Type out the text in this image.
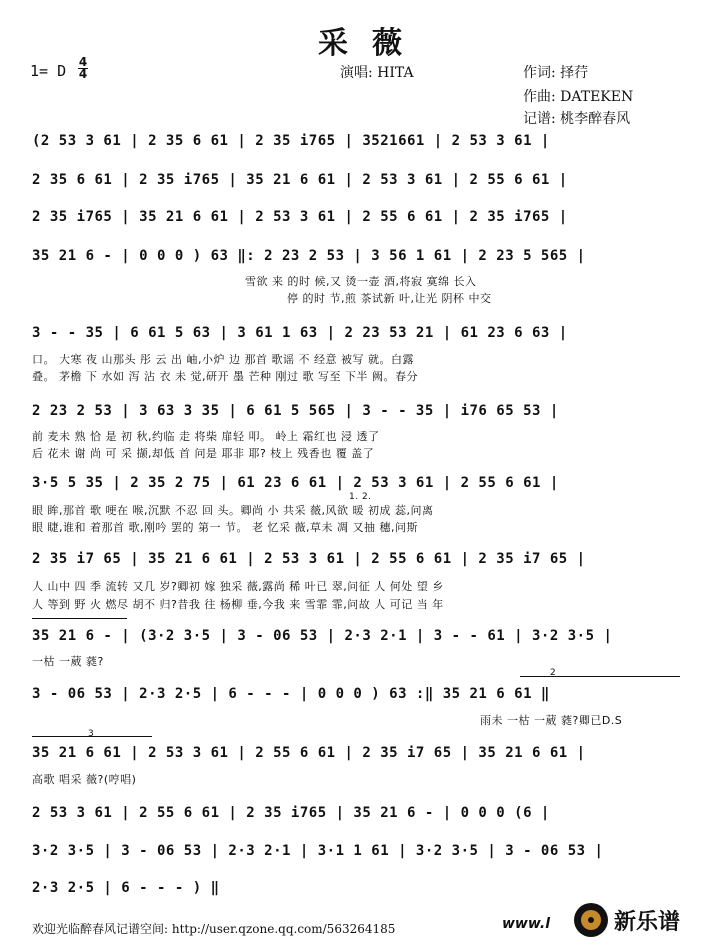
采薇
1= D 4
4	演唱: HITA	作词: 择荇
作曲: DATEKEN
记谱: 桃李醉春风
(2 53 3 61 | 2 35 6 61 | 2 35 i765 | 3521661 | 2 53 3 61 |
2 35 6 61 | 2 35 i765 | 35 21 6 61 | 2 53 3 61 | 2 55 6 61 |
2 35 i765 | 35 21 6 61 | 2 53 3 61 | 2 55 6 61 | 2 35 i765 |
35 21 6 - | 0 0 0 ) 63 ‖: 2 23 2 53 | 3 56 1 61 | 2 23 5 565 |
雪欲 来 的时 候,又 烫一壶 酒,将寂 寞绵 长入
停 的时 节,煎 茶试新 叶,让光 阴杯 中交
3 - - 35 | 6 61 5 63 | 3 61 1 63 | 2 23 53 21 | 61 23 6 63 |
口。 大寒 夜 山那头 彤 云 出 岫,小炉 边 那首 歌谣 不 经意 被写 就。白露
叠。 茅檐 下 水如 泻 沾 衣 未 觉,研开 墨 芒种 刚过 歌 写至 下半 阙。春分
2 23 2 53 | 3 63 3 35 | 6 61 5 565 | 3 - - 35 | i76 65 53 |
前 麦未 熟 恰 是 初 秋,约临 走 将柴 扉轻 叩。 岭上 霜红也 浸 透了
后 花未 谢 尚 可 采 撷,却低 首 问是 耶非 耶? 枝上 残香也 覆 盖了
3·5 5 35 | 2 35 2 75 | 61 23 6 61 | 2 53 3 61 | 2 55 6 61 |
1. 2.
眼 眸,那首 歌 哽在 喉,沉默 不忍 回 头。卿尚 小 共采 薇,风欲 暖 初成 蕊,问离
眼 睫,谁和 着那首 歌,刚吟 罢的 第一 节。 老 忆采 薇,草未 凋 又抽 穗,问斯
2 35 i7 65 | 35 21 6 61 | 2 53 3 61 | 2 55 6 61 | 2 35 i7 65 |
人 山中 四 季 流转 又几 岁?卿初 嫁 独采 薇,露尚 稀 叶已 翠,问征 人 何处 望 乡
人 等到 野 火 燃尽 胡不 归?昔我 往 杨柳 垂,今我 来 雪霏 霏,问故 人 可记 当 年
35 21 6 - | (3·2 3·5 | 3 - 06 53 | 2·3 2·1 | 3 - - 61 | 3·2 3·5 |
一枯 一葳 蕤?
2
3 - 06 53 | 2·3 2·5 | 6 - - - | 0 0 0 ) 63 :‖ 35 21 6 61 ‖
雨未 一枯 一葳 蕤?卿已D.S
3
35 21 6 61 | 2 53 3 61 | 2 55 6 61 | 2 35 i7 65 | 35 21 6 61 |
高歌 唱采 薇?(哼唱)
2 53 3 61 | 2 55 6 61 | 2 35 i765 | 35 21 6 - | 0 0 0 (6 |
3·2 3·5 | 3 - 06 53 | 2·3 2·1 | 3·1 1 61 | 3·2 3·5 | 3 - 06 53 |
2·3 2·5 | 6 - - - ) ‖
欢迎光临醉春风记谱空间: http://user.qzone.qq.com/563264185	www.l	新乐谱
